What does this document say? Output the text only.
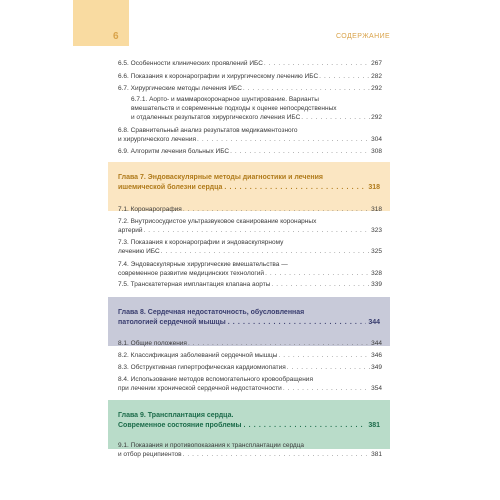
6	СОДЕРЖАНИЕ
6.5. Особенности клинических проявлений ИБС . . .	267
6.6. Показания к коронарографии и хирургическому лечению ИБС . . .	282
6.7. Хирургические методы лечения ИБС . . .	292
6.7.1. Аорто- и маммарокоронарное шунтирование. Варианты
вмешательств и современные подходы к оценке непосредственных
и отдаленных результатов хирургического лечения ИБС . . .	292
6.8. Сравнительный анализ результатов медикаментозного
и хирургического лечения . . .	304
6.9. Алгоритм лечения больных ИБС . . .	308
Глава 7. Эндоваскулярные методы диагностики и лечения
ишемической болезни сердца . . .	318
7.1. Коронарография . . .	318
7.2. Внутрисосудистое ультразвуковое сканирование коронарных
артерий . . .	323
7.3. Показания к коронарографии и эндоваскулярному
лечению ИБС . . .	325
7.4. Эндоваскулярные хирургические вмешательства —
современное развитие медицинских технологий . . .	328
7.5. Транскатетерная имплантация клапана аорты . . .	339
Глава 8. Сердечная недостаточность, обусловленная
патологией сердечной мышцы . . .	344
8.1. Общие положения . . .	344
8.2. Классификация заболеваний сердечной мышцы . . .	346
8.3. Обструктивная гипертрофическая кардиомиопатия . . .	349
8.4. Использование методов вспомогательного кровообращения
при лечении хронической сердечной недостаточности . . .	354
Глава 9. Трансплантация сердца.
Современное состояние проблемы . . .	381
9.1. Показания и противопоказания к трансплантации сердца
и отбор реципиентов . . .	381
